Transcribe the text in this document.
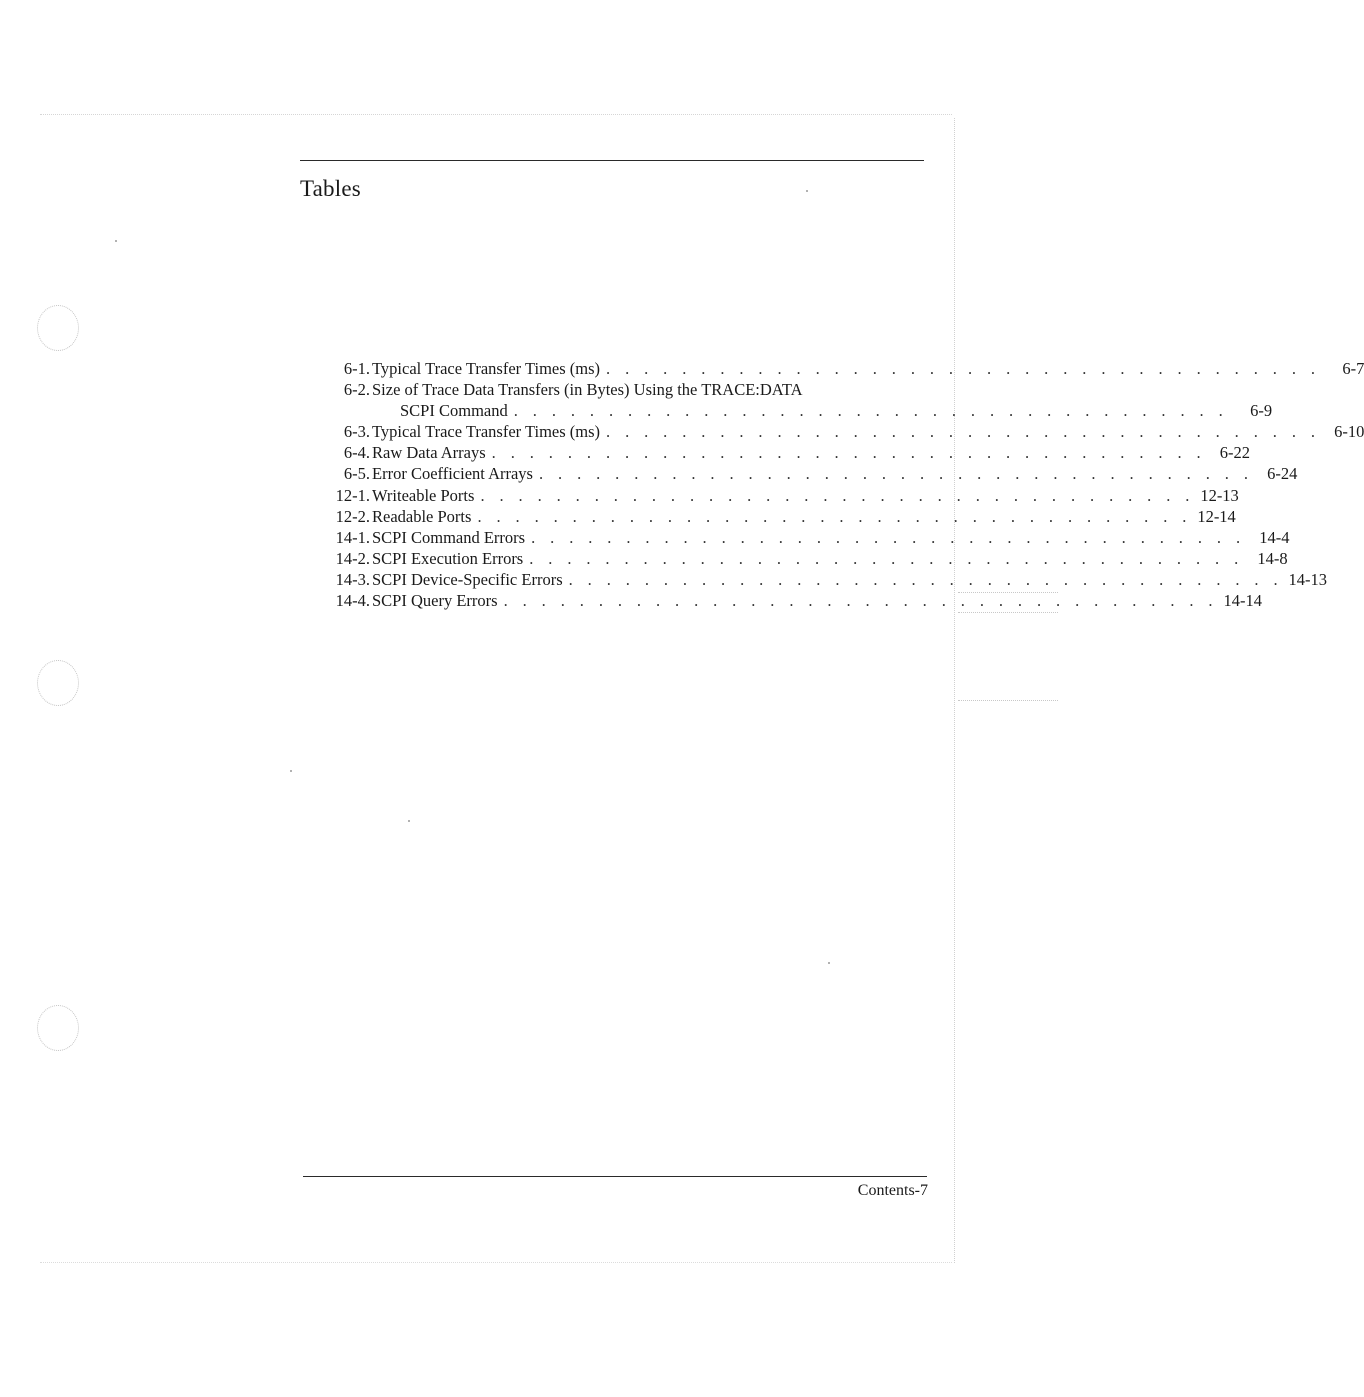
Tables
6-1. Typical Trace Transfer Times (ms) . . . . . . . . . . . . . . . . . . . . . . . . . . . . . . . . . . . . . .	6-7
6-2. Size of Trace Data Transfers (in Bytes) Using the TRACE:DATA
SCPI Command . . . . . . . . . . . . . . . . . . . . . . . . . . . . . . . . . . . . . .	6-9
6-3. Typical Trace Transfer Times (ms) . . . . . . . . . . . . . . . . . . . . . . . . . . . . . . . . . . . . . . 6-10
6-4. Raw Data Arrays . . . . . . . . . . . . . . . . . . . . . . . . . . . . . . . . . . . . . . 6-22
6-5. Error Coefficient Arrays . . . . . . . . . . . . . . . . . . . . . . . . . . . . . . . . . . . . . . 6-24
12-1. Writeable Ports . . . . . . . . . . . . . . . . . . . . . . . . . . . . . . . . . . . . . . 12-13
12-2. Readable Ports . . . . . . . . . . . . . . . . . . . . . . . . . . . . . . . . . . . . . . 12-14
14-1. SCPI Command Errors . . . . . . . . . . . . . . . . . . . . . . . . . . . . . . . . . . . . . . 14-4
14-2. SCPI Execution Errors . . . . . . . . . . . . . . . . . . . . . . . . . . . . . . . . . . . . . . 14-8
14-3. SCPI Device-Specific Errors . . . . . . . . . . . . . . . . . . . . . . . . . . . . . . . . . . . . . . 14-13
14-4. SCPI Query Errors . . . . . . . . . . . . . . . . . . . . . . . . . . . . . . . . . . . . . . 14-14
Contents-7
